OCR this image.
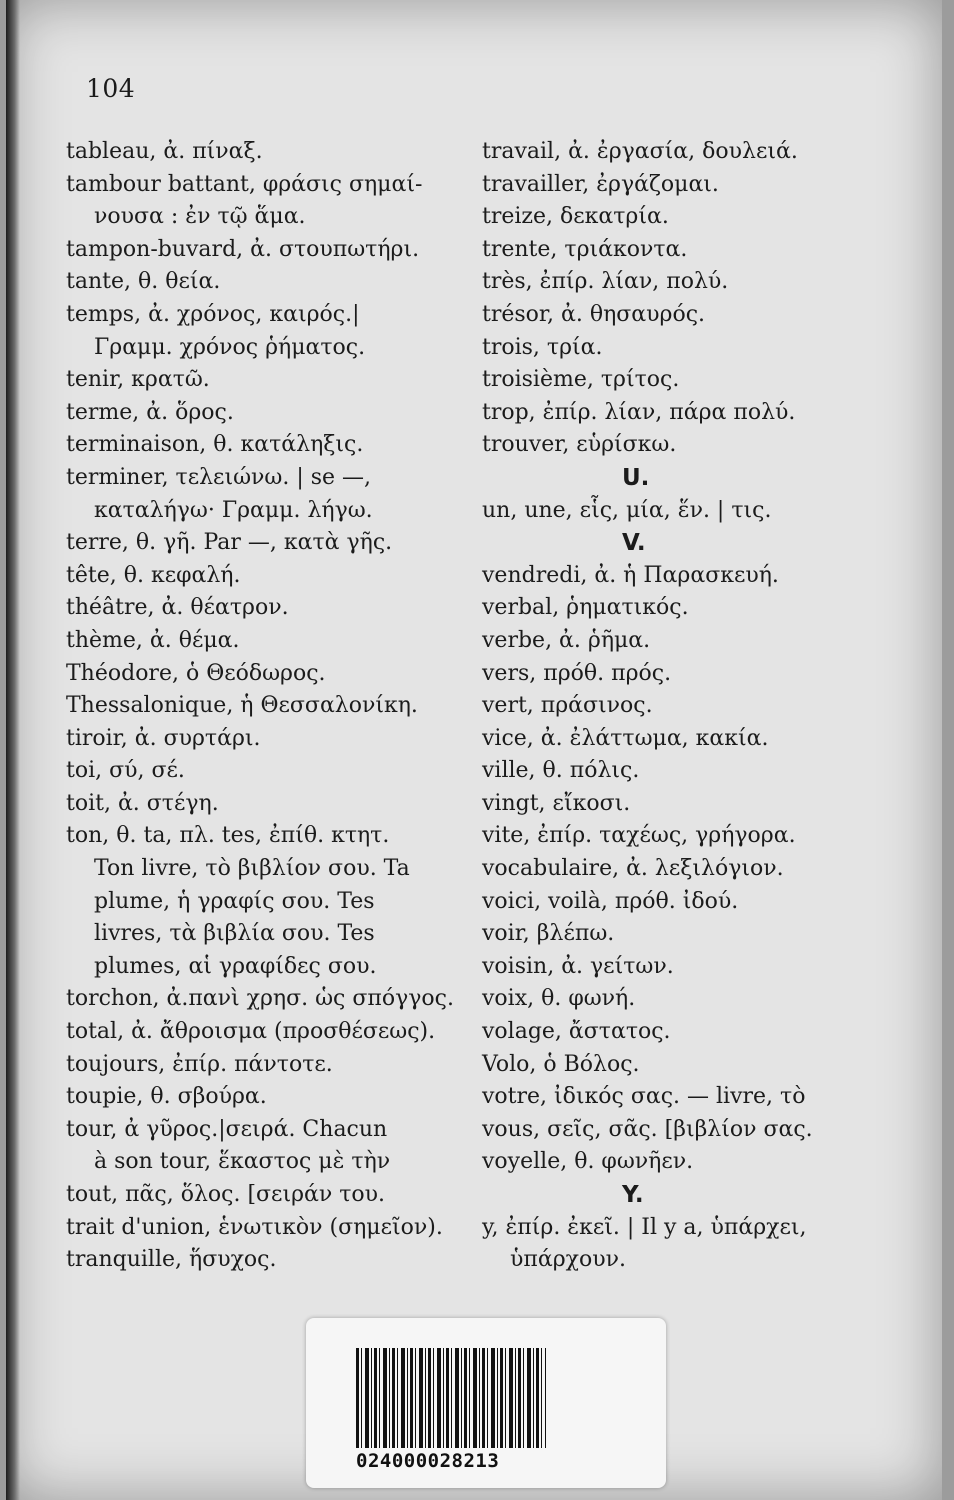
104
tableau, ἀ. πίναξ.
tambour battant, φράσις σημαί-
νουσα : ἐν τῷ ἅμα.
tampon-buvard, ἀ. στουπωτήρι.
tante, θ. θεία.
temps, ἀ. χρόνος, καιρός.|
Γραμμ. χρόνος ῥήματος.
tenir, κρατῶ.
terme, ἀ. ὅρος.
terminaison, θ. κατάληξις.
terminer, τελειώνω. | se —,
καταλήγω· Γραμμ. λήγω.
terre, θ. γῆ. Par —, κατὰ γῆς.
tête, θ. κεφαλή.
théâtre, ἀ. θέατρον.
thème, ἀ. θέμα.
Théodore, ὁ Θεόδωρος.
Thessalonique, ἡ Θεσσαλονίκη.
tiroir, ἀ. συρτάρι.
toi, σύ, σέ.
toit, ἀ. στέγη.
ton, θ. ta, πλ. tes, ἐπίθ. κτητ.
Ton livre, τὸ βιβλίον σου. Ta
plume, ἡ γραφίς σου. Tes
livres, τὰ βιβλία σου. Tes
plumes, αἱ γραφίδες σου.
torchon, ἀ.πανὶ χρησ. ὡς σπόγγος.
total, ἀ. ἄθροισμα (προσθέσεως).
toujours, ἐπίρ. πάντοτε.
toupie, θ. σβούρα.
tour, ἀ γῦρος.|σειρά. Chacun
à son tour, ἕκαστος μὲ τὴν
tout, πᾶς, ὅλος. [σειράν του.
trait d'union, ἑνωτικὸν (σημεῖον).
tranquille, ἥσυχος.
travail, ἀ. ἐργασία, δουλειά.
travailler, ἐργάζομαι.
treize, δεκατρία.
trente, τριάκοντα.
très, ἐπίρ. λίαν, πολύ.
trésor, ἀ. θησαυρός.
trois, τρία.
troisième, τρίτος.
trop, ἐπίρ. λίαν, πάρα πολύ.
trouver, εὑρίσκω.
U.
un, une, εἷς, μία, ἕν. | τις.
V.
vendredi, ἀ. ἡ Παρασκευή.
verbal, ῥηματικός.
verbe, ἀ. ῥῆμα.
vers, πρόθ. πρός.
vert, πράσινος.
vice, ἀ. ἐλάττωμα, κακία.
ville, θ. πόλις.
vingt, εἴκοσι.
vite, ἐπίρ. ταχέως, γρήγορα.
vocabulaire, ἀ. λεξιλόγιον.
voici, voilà, πρόθ. ἰδού.
voir, βλέπω.
voisin, ἀ. γείτων.
voix, θ. φωνή.
volage, ἄστατος.
Volo, ὁ Βόλος.
votre, ἰδικός σας. — livre, τὸ
vous, σεῖς, σᾶς. [βιβλίον σας.
voyelle, θ. φωνῆεν.
Y.
y, ἐπίρ. ἐκεῖ. | Il y a, ὑπάρχει,
ὑπάρχουν.
024000028213
